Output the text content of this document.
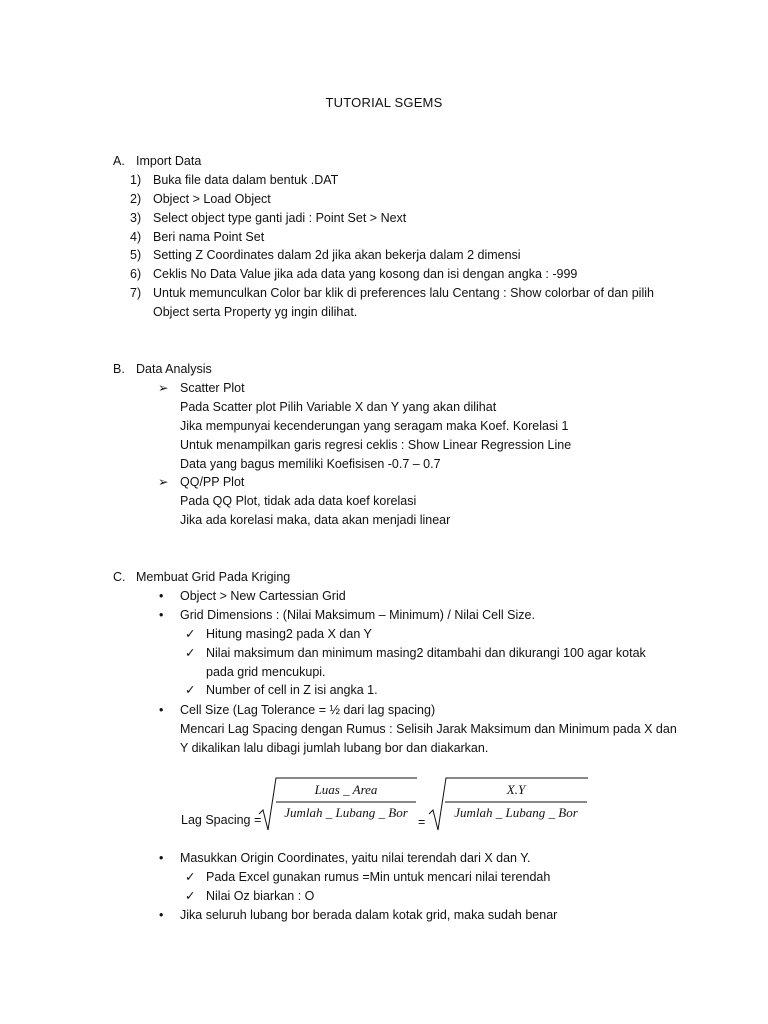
TUTORIAL SGEMS
A. Import Data
1) Buka file data dalam bentuk .DAT
2) Object > Load Object
3) Select object type ganti jadi : Point Set > Next
4) Beri nama Point Set
5) Setting Z Coordinates dalam 2d jika akan bekerja dalam 2 dimensi
6) Ceklis No Data Value jika ada data yang kosong dan isi dengan angka : -999
7) Untuk memunculkan Color bar klik di preferences lalu Centang : Show colorbar of dan pilih
Object serta Property yg ingin dilihat.
B. Data Analysis
➢ Scatter Plot
Pada Scatter plot Pilih Variable X dan Y yang akan dilihat
Jika mempunyai kecenderungan yang seragam maka Koef. Korelasi 1
Untuk menampilkan garis regresi ceklis : Show Linear Regression Line
Data yang bagus memiliki Koefisisen -0.7 – 0.7
➢ QQ/PP Plot
Pada QQ Plot, tidak ada data koef korelasi
Jika ada korelasi maka, data akan menjadi linear
C. Membuat Grid Pada Kriging
• Object > New Cartessian Grid
• Grid Dimensions : (Nilai Maksimum – Minimum) / Nilai Cell Size.
✓ Hitung masing2 pada X dan Y
✓ Nilai maksimum dan minimum masing2 ditambahi dan dikurangi 100 agar kotak
pada grid mencukupi.
✓ Number of cell in Z isi angka 1.
• Cell Size (Lag Tolerance = ½ dari lag spacing)
Mencari Lag Spacing dengan Rumus : Selisih Jarak Maksimum dan Minimum pada X dan
Y dikalikan lalu dibagi jumlah lubang bor dan diakarkan.
Lag Spacing =
Luas _ Area
Jumlah _ Lubang _ Bor
=
X.Y
Jumlah _ Lubang _ Bor
• Masukkan Origin Coordinates, yaitu nilai terendah dari X dan Y.
✓ Pada Excel gunakan rumus =Min untuk mencari nilai terendah
✓ Nilai Oz biarkan : O
• Jika seluruh lubang bor berada dalam kotak grid, maka sudah benar
